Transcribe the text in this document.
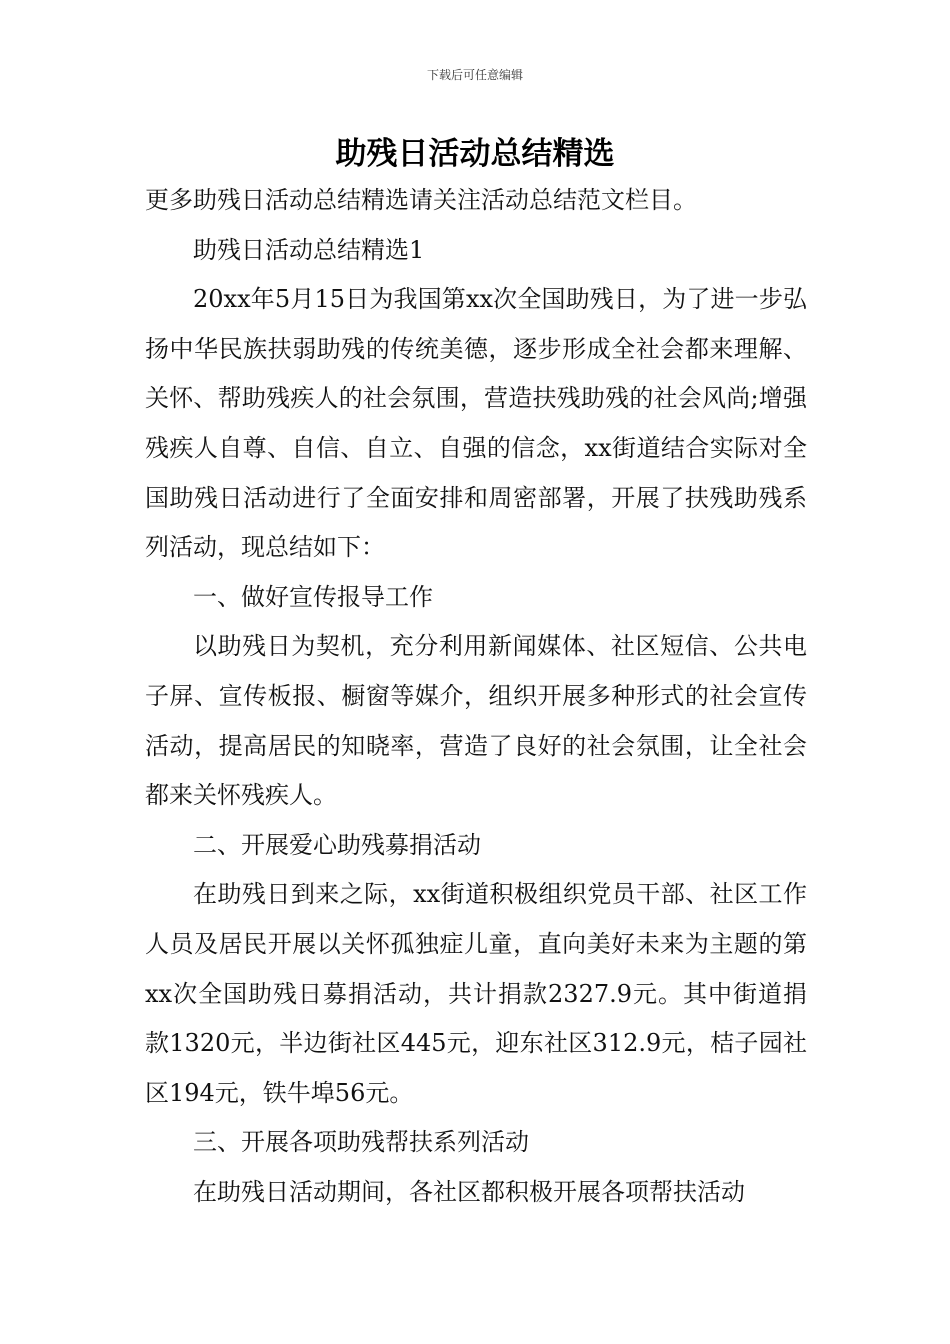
下载后可任意编辑
助残日活动总结精选

更多助残日活动总结精选请关注活动总结范文栏目。

助残日活动总结精选1

20xx年5月15日为我国第xx次全国助残日，为了进一步弘扬中华民族扶弱助残的传统美德，逐步形成全社会都来理解、关怀、帮助残疾人的社会氛围，营造扶残助残的社会风尚;增强残疾人自尊、自信、自立、自强的信念，xx街道结合实际对全国助残日活动进行了全面安排和周密部署，开展了扶残助残系列活动，现总结如下：

一、做好宣传报导工作

以助残日为契机，充分利用新闻媒体、社区短信、公共电子屏、宣传板报、橱窗等媒介，组织开展多种形式的社会宣传活动，提高居民的知晓率，营造了良好的社会氛围，让全社会都来关怀残疾人。

二、开展爱心助残募捐活动

在助残日到来之际，xx街道积极组织党员干部、社区工作人员及居民开展以关怀孤独症儿童，直向美好未来为主题的第xx次全国助残日募捐活动，共计捐款2327.9元。其中街道捐款1320元，半边街社区445元，迎东社区312.9元，桔子园社区194元，铁牛埠56元。

三、开展各项助残帮扶系列活动

在助残日活动期间，各社区都积极开展各项帮扶活动
